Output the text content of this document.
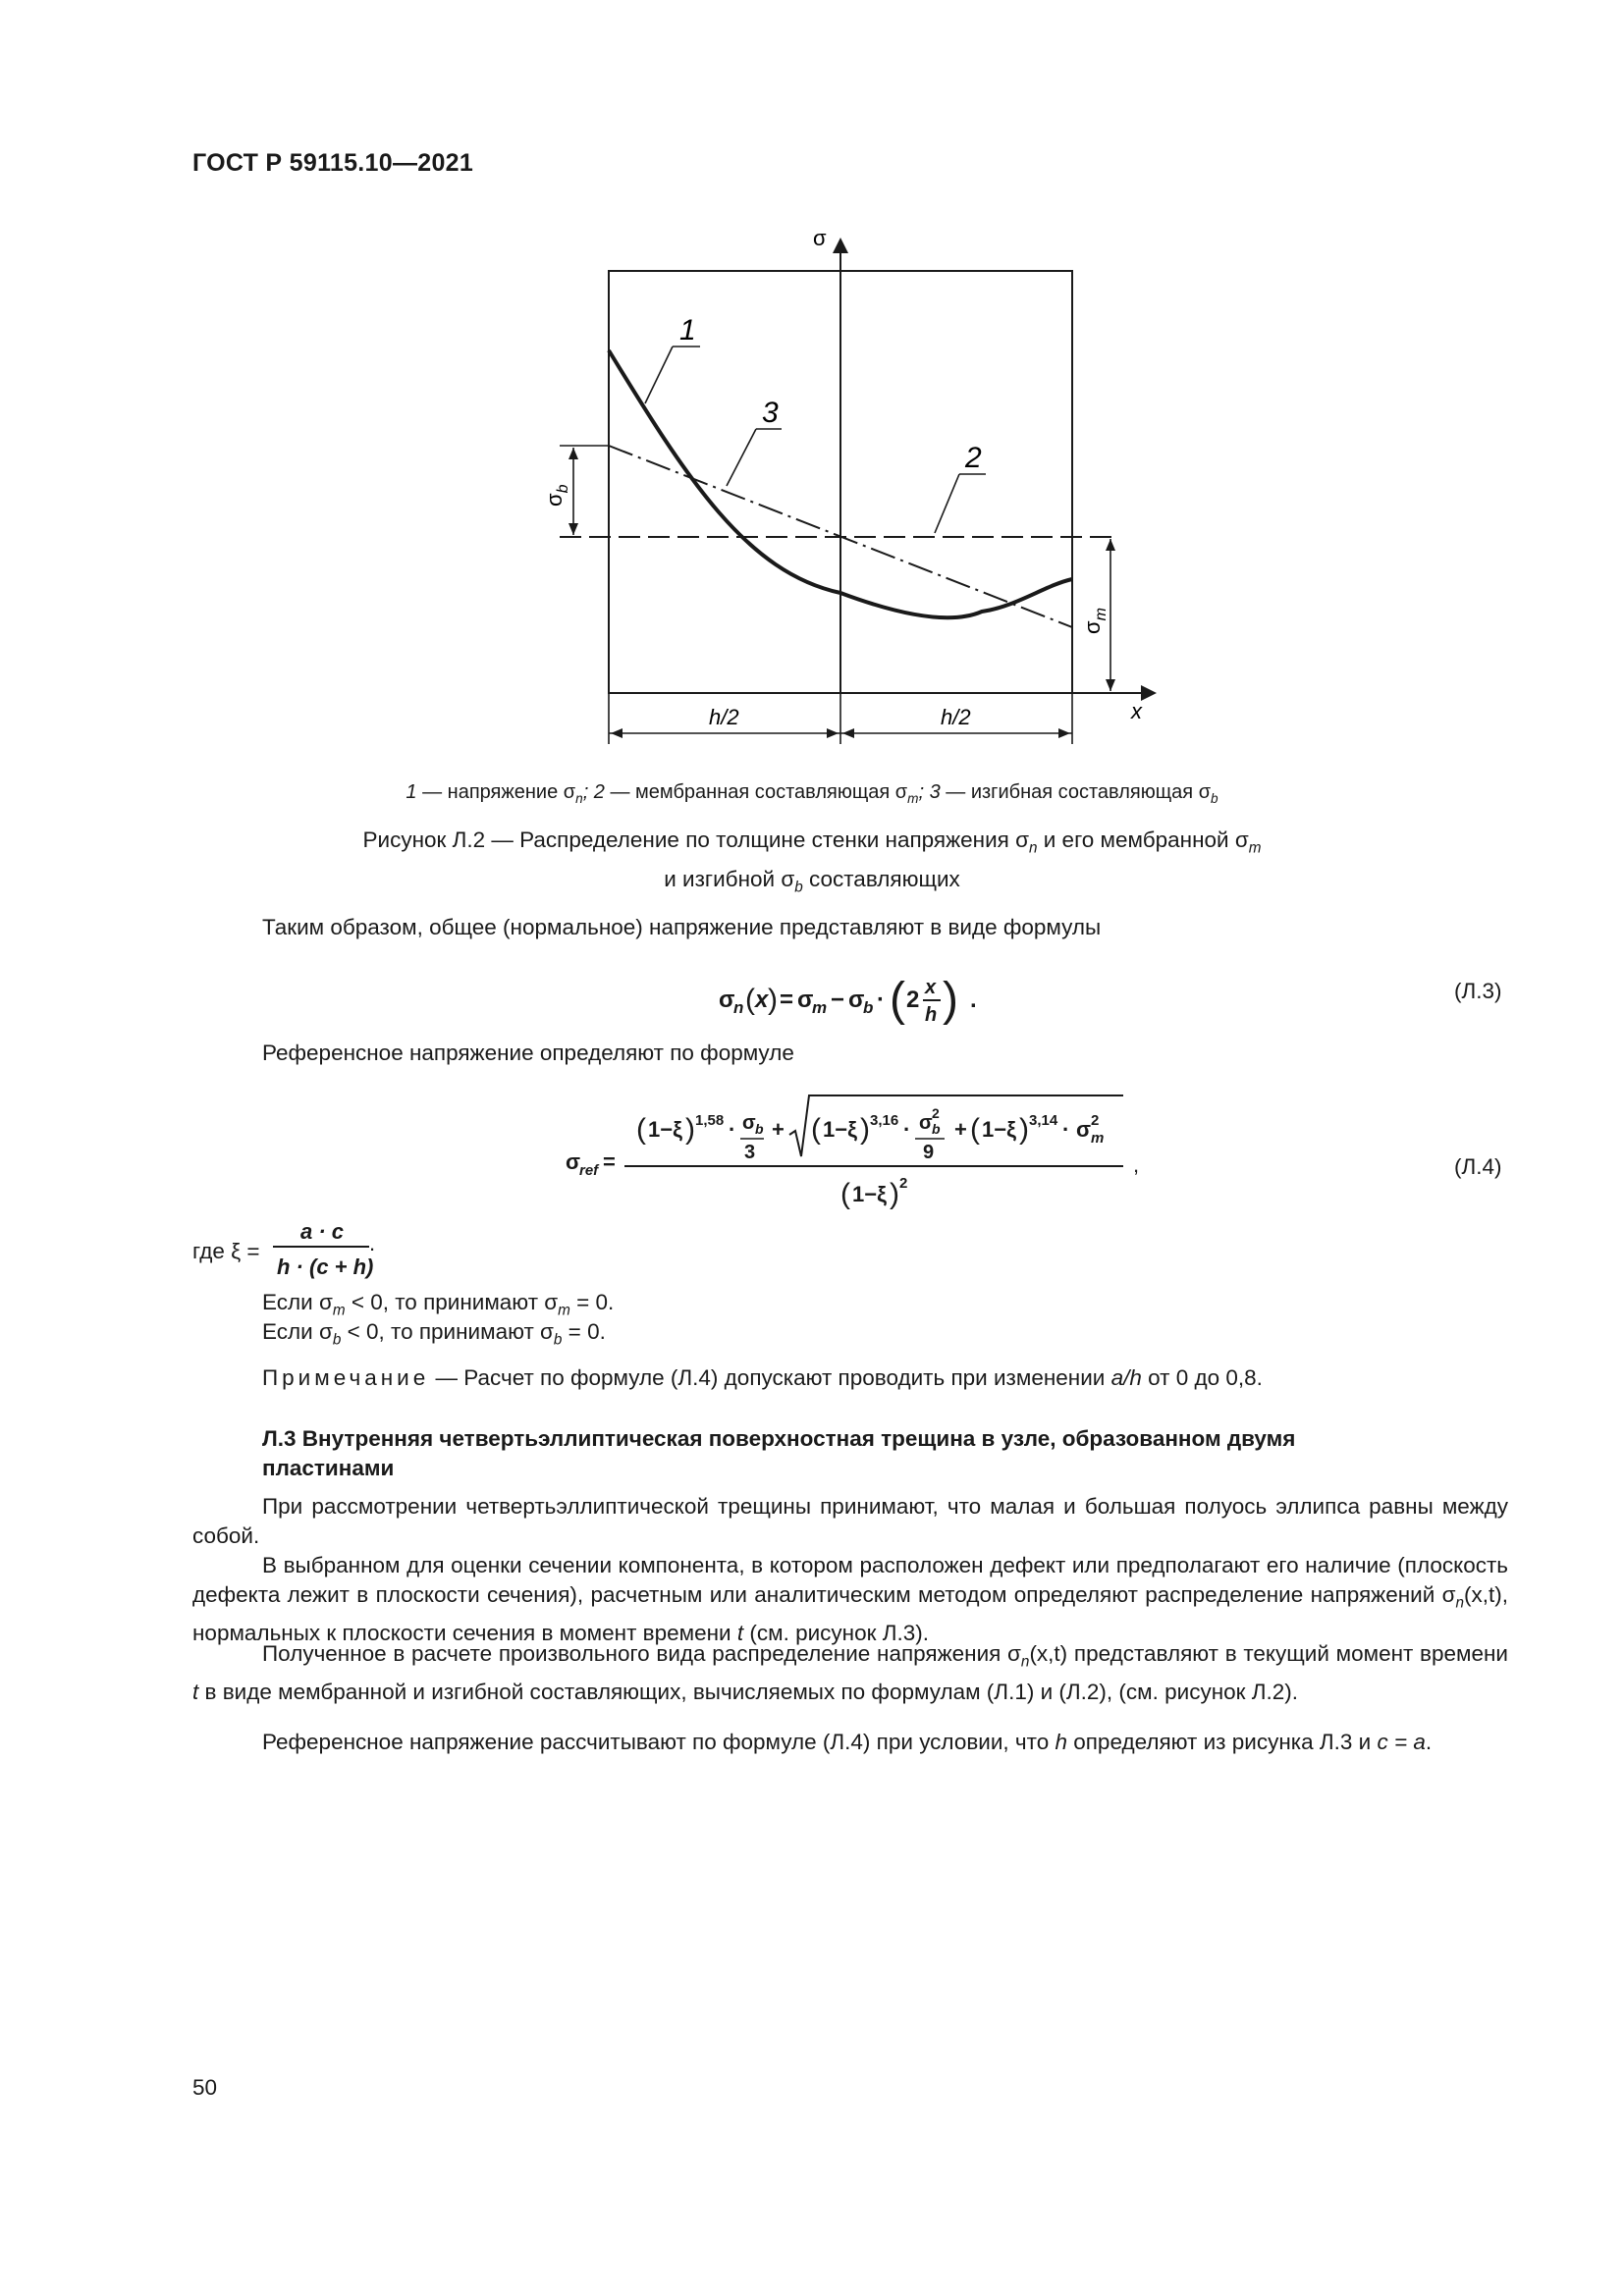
ГОСТ Р 59115.10—2021
1
3
2
σ
x
h/2	h/2
$\sigma_b$
$\sigma_m$
1 — напряжение $\sigma_n$; 2 — мембранная составляющая $\sigma_m$; 3 — изгибная составляющая $\sigma_b$
Рисунок Л.2 — Распределение по толщине стенки напряжения $\sigma_n$ и его мембранной $\sigma_m$
и изгибной $\sigma_b$ составляющих
Таким образом, общее (нормальное) напряжение представляют в виде формулы
σ
n ( x ) = σ
m − σ
b · ( 2 x
h ) .	(Л.3)
Референсное напряжение определяют по формуле
σ
ref =
( 1−ξ ) 1,58 · σ b
3
+ ( 1−ξ ) 3,16 · σ 2
b
9
+ ( 1−ξ ) 3,14 · σ 2
m
( 1−ξ ) 2
,	(Л.4)
где ξ =
a · c
h · (c + h)
.
Если $\sigma_m < 0$, то принимают $\sigma_m = 0$.
Если $\sigma_b < 0$, то принимают $\sigma_b = 0$.
Примечание — Расчет по формуле (Л.4) допускают проводить при изменении a/h от 0 до 0,8.
Л.3 Внутренняя четвертьэллиптическая поверхностная трещина в узле, образованном двумя
пластинами
При рассмотрении четвертьэллиптической трещины принимают, что малая и большая полуось эллипса равны между собой.
В выбранном для оценки сечении компонента, в котором расположен дефект или предполагают его наличие (плоскость дефекта лежит в плоскости сечения), расчетным или аналитическим методом определяют распределение напряжений $\sigma_n(x,t)$, нормальных к плоскости сечения в момент времени t (см. рисунок Л.3).
Полученное в расчете произвольного вида распределение напряжения $\sigma_n(x,t)$ представляют в текущий момент времени t в виде мембранной и изгибной составляющих, вычисляемых по формулам (Л.1) и (Л.2), (см. рисунок Л.2).
Референсное напряжение рассчитывают по формуле (Л.4) при условии, что h определяют из рисунка Л.3 и c = a.
50
